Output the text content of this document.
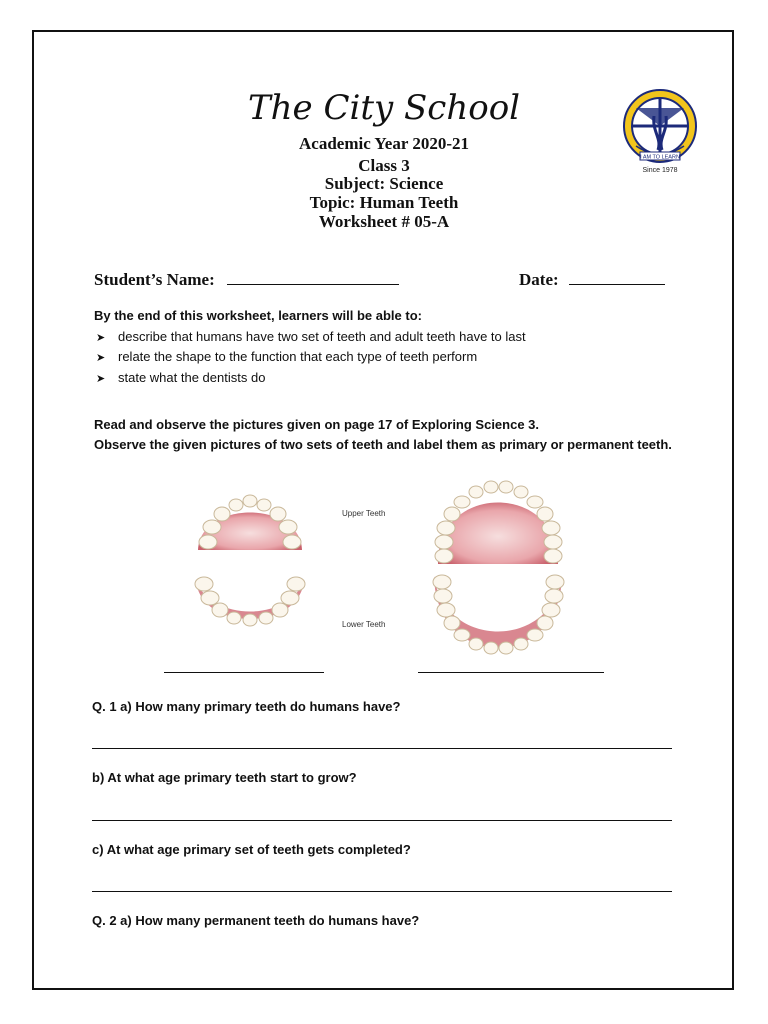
The City School
Academic Year 2020-21
Class 3
Subject: Science
Topic: Human Teeth
Worksheet # 05-A
I AM TO LEARN
Since 1978
Student’s Name:	Date:
By the end of this worksheet, learners will be able to:
➤ describe that humans have two set of teeth and adult teeth have to last
➤ relate the shape to the function that each type of teeth perform
➤ state what the dentists do
Read and observe the pictures given on page 17 of Exploring Science 3.
Observe the given pictures of two sets of teeth and label them as primary or permanent teeth.
Upper Teeth
Lower Teeth
Q. 1 a) How many primary teeth do humans have?
b) At what age primary teeth start to grow?
c) At what age primary set of teeth gets completed?
Q. 2 a) How many permanent teeth do humans have?
